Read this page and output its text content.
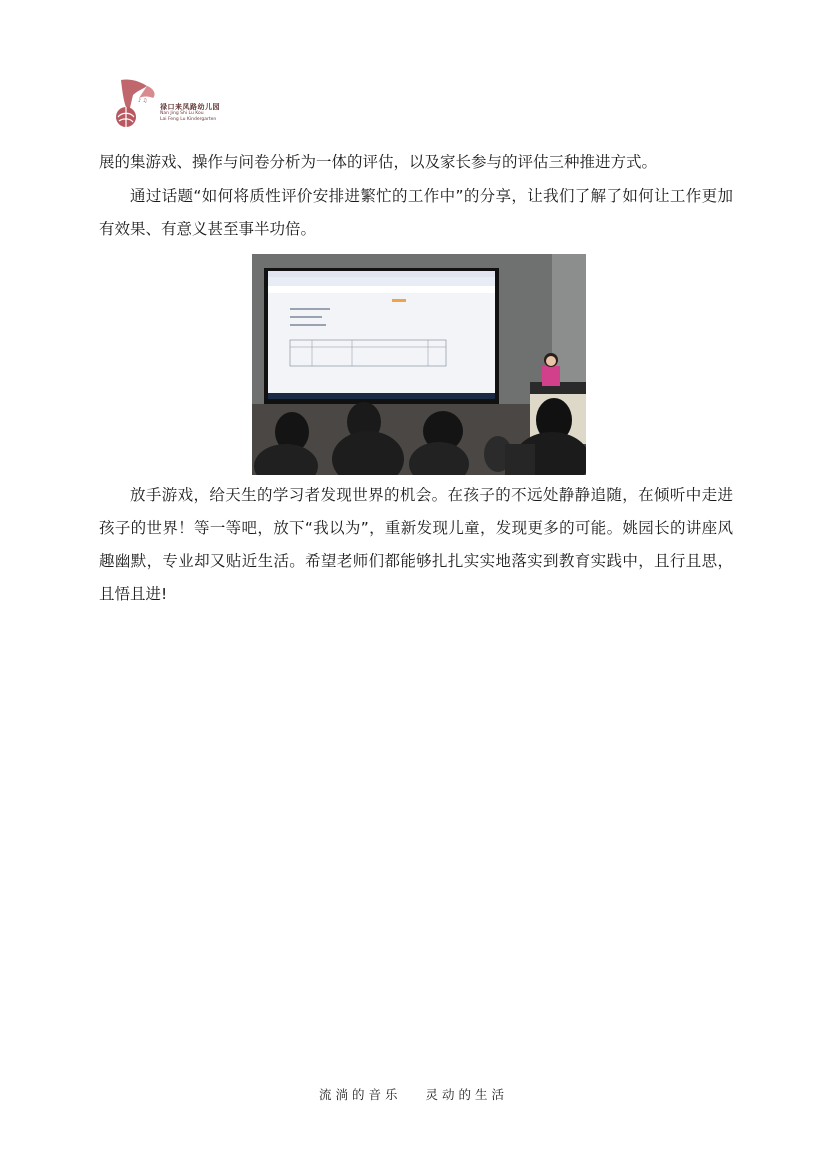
♪ ♫
禄口来凤路幼儿园
Nan Jing Shi Lu Kou
Lai Feng Lu Kindergarten

展的集游戏、操作与问卷分析为一体的评估，以及家长参与的评估三种推进方式。

通过话题“如何将质性评价安排进繁忙的工作中”的分享，让我们了解了如何让工作更加有效果、有意义甚至事半功倍。

放手游戏，给天生的学习者发现世界的机会。在孩子的不远处静静追随，在倾听中走进孩子的世界！等一等吧，放下“我以为”，重新发现儿童，发现更多的可能。姚园长的讲座风趣幽默，专业却又贴近生活。希望老师们都能够扎扎实实地落实到教育实践中，且行且思，且悟且进!

流淌的音乐 灵动的生活
